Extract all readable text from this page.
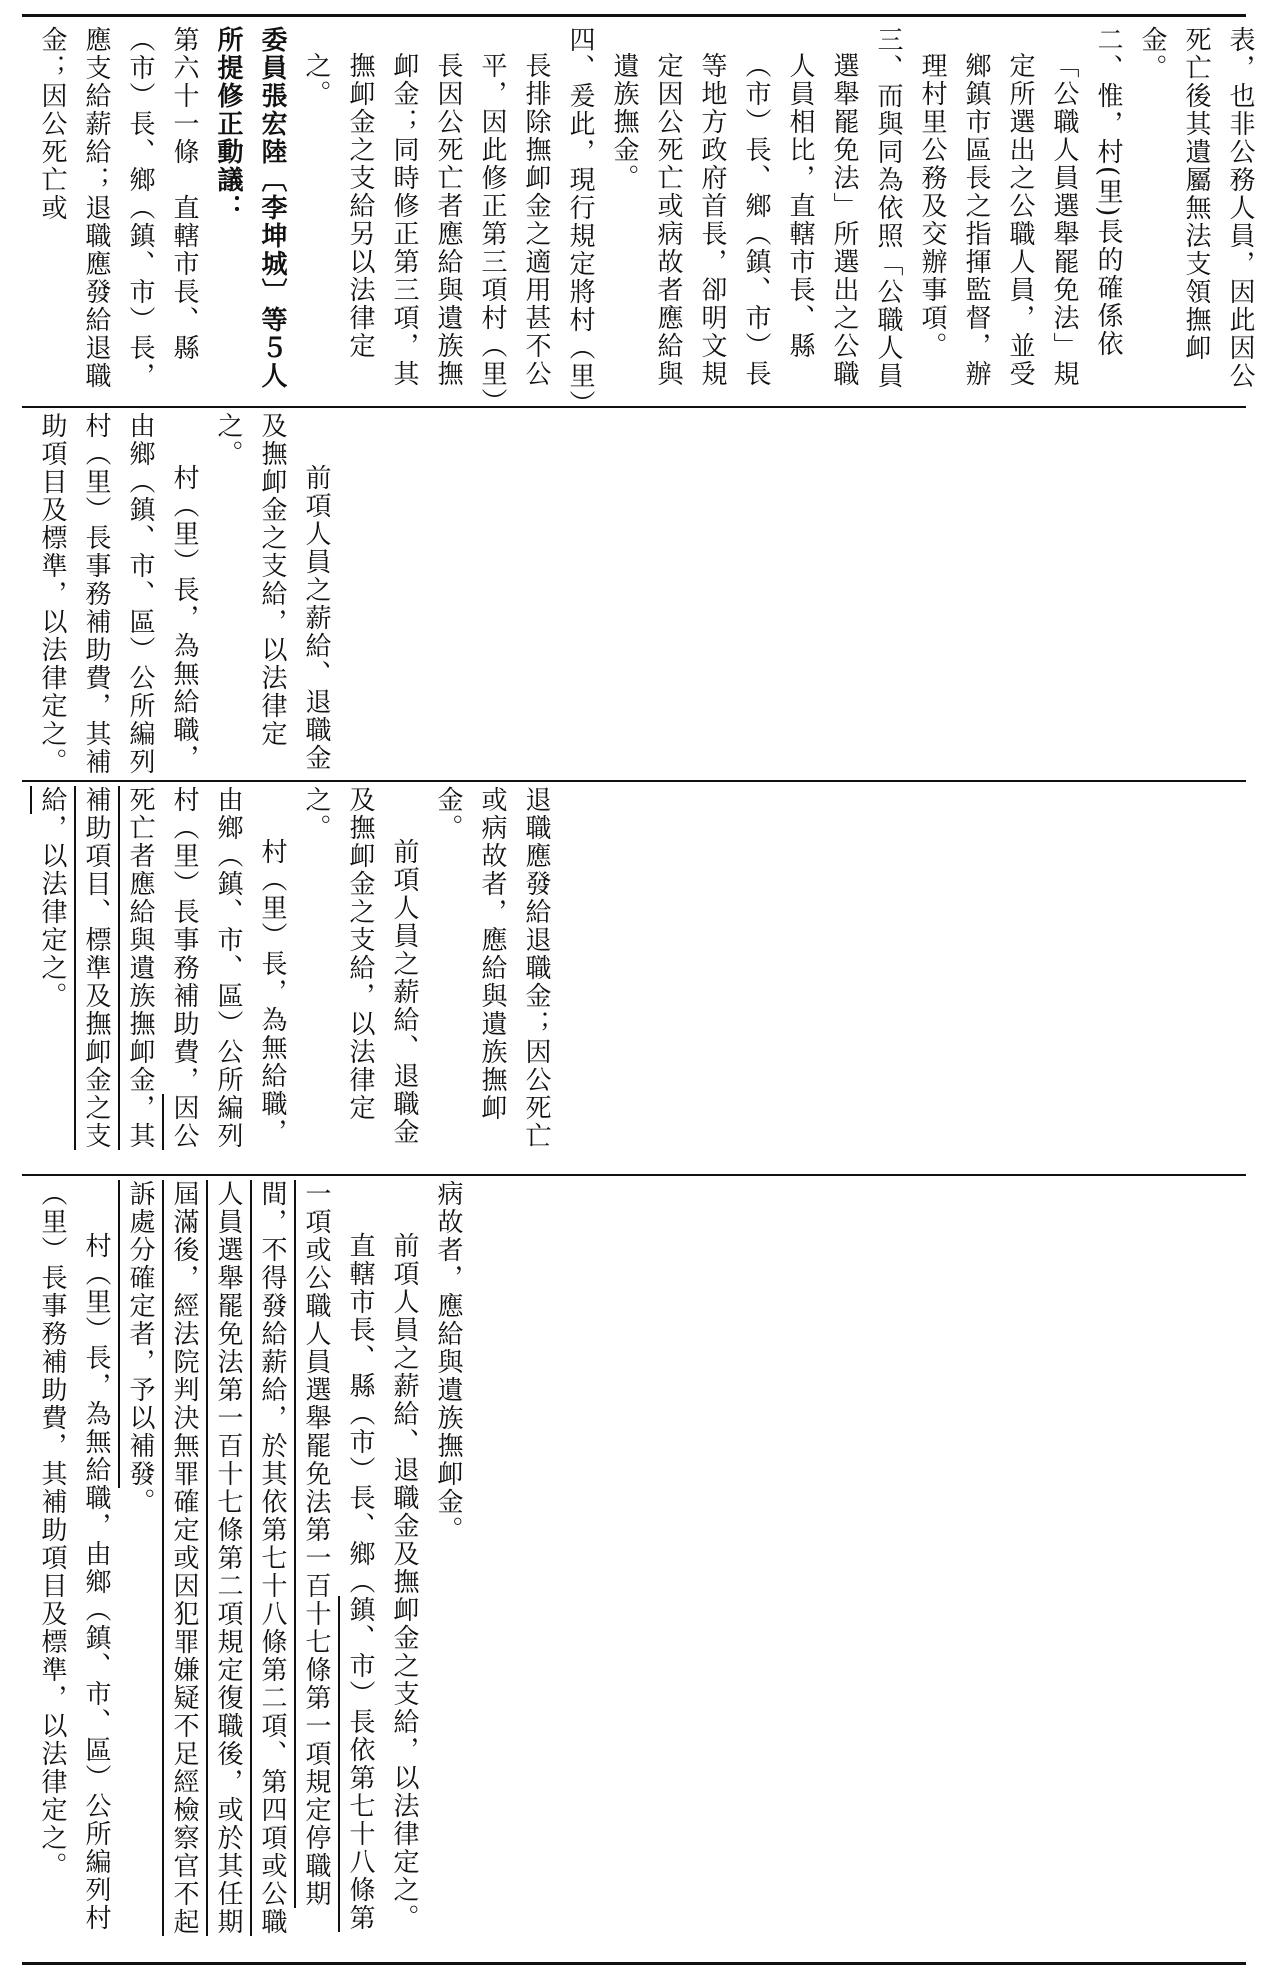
表，也非公務人員，因此因公死亡後其遺屬無法支領撫卹金。

二、惟，村(里)長的確係依「公職人員選舉罷免法」規定所選出之公職人員，並受鄉鎮市區長之指揮監督，辦理村里公務及交辦事項。

三、而與同為依照「公職人員選舉罷免法」所選出之公職人員相比，直轄市長、縣（市）長、鄉（鎮、市）長等地方政府首長，卻明文規定因公死亡或病故者應給與遺族撫金。

四、爰此，現行規定將村（里）長排除撫卹金之適用甚不公平，因此修正第三項村（里）長因公死亡者應給與遺族撫卹金；同時修正第三項，其撫卹金之支給另以法律定之。

委員張宏陸〔李坤城〕等５人所提修正動議：

第六十一條　直轄市長、縣（市）長、鄉（鎮、市）長，應支給薪給；退職應發給退職金；因公死亡或

前項人員之薪給、退職金及撫卹金之支給，以法律定之。

村（里）長，為無給職，由鄉（鎮、市、區）公所編列村（里）長事務補助費，其補助項目及標準，以法律定之。

退職應發給退職金；因公死亡或病故者，應給與遺族撫卹金。

前項人員之薪給、退職金及撫卹金之支給，以法律定之。

村（里）長，為無給職，由鄉（鎮、市、區）公所編列村（里）長事務補助費，因公死亡者應給與遺族撫卹金，其補助項目、標準及撫卹金之支給，以法律定之。

病故者，應給與遺族撫卹金。

前項人員之薪給、退職金及撫卹金之支給，以法律定之。

直轄市長、縣（市）長、鄉（鎮、市）長依第七十八條第一項或公職人員選舉罷免法第一百十七條第一項規定停職期間，不得發給薪給，於其依第七十八條第二項、第四項或公職人員選舉罷免法第一百十七條第二項規定復職後，或於其任期屆滿後，經法院判決無罪確定或因犯罪嫌疑不足經檢察官不起訴處分確定者，予以補發。

村（里）長，為無給職，由鄉（鎮、市、區）公所編列村（里）長事務補助費，其補助項目及標準，以法律定之。
